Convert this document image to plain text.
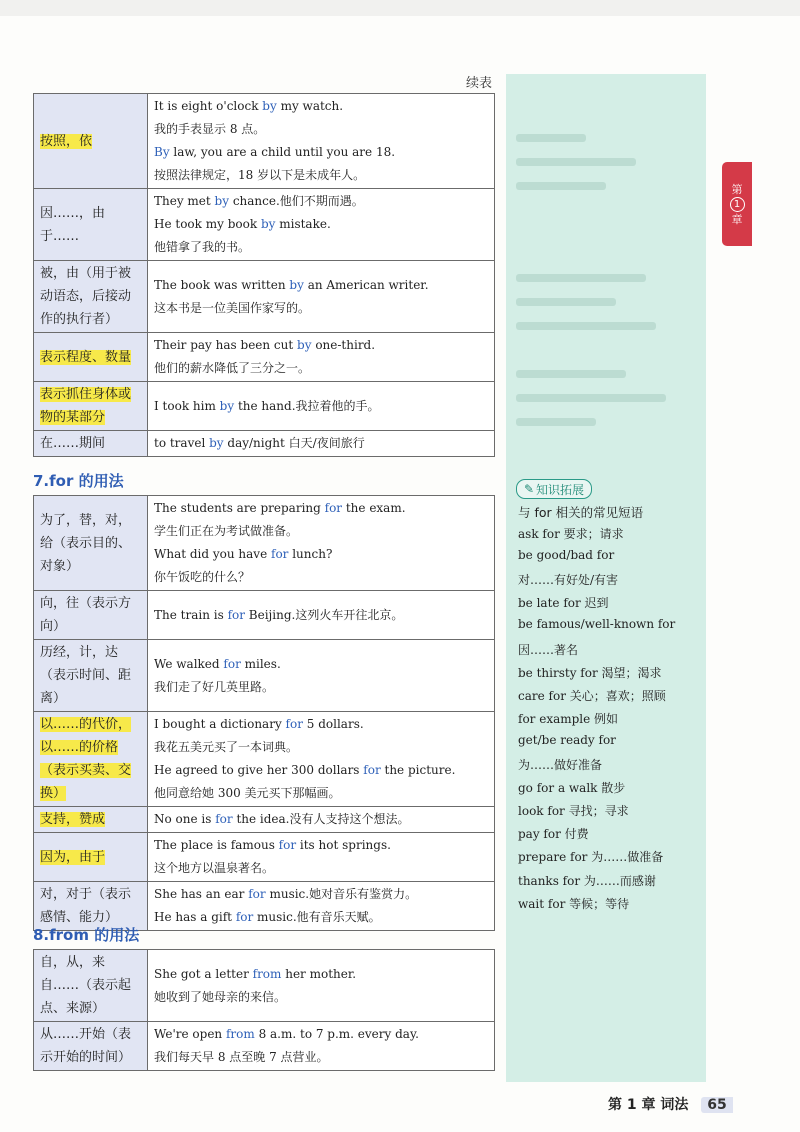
第
1
章
续表
按照，依	It is eight o'clock by my watch.
我的手表显示 8 点。
By law, you are a child until you are 18.
按照法律规定，18 岁以下是未成年人。

因……，由于……	They met by chance.他们不期而遇。
He took my book by mistake.
他错拿了我的书。

被，由（用于被动语态，后接动作的执行者）	The book was written by an American writer.
这本书是一位美国作家写的。

表示程度、数量	Their pay has been cut by one-third.
他们的薪水降低了三分之一。

表示抓住身体或物的某部分	I took him by the hand.我拉着他的手。

在……期间	to travel by day/night 白天/夜间旅行
7.for 的用法
为了，替，对，给（表示目的、对象）	The students are preparing for the exam.
学生们正在为考试做准备。
What did you have for lunch?
你午饭吃的什么？

向，往（表示方向）	The train is for Beijing.这列火车开往北京。

历经，计，达（表示时间、距离）	We walked for miles.
我们走了好几英里路。

以……的代价，以……的价格（表示买卖、交换）	I bought a dictionary for 5 dollars.
我花五美元买了一本词典。
He agreed to give her 300 dollars for the picture.
他同意给她 300 美元买下那幅画。

支持，赞成	No one is for the idea.没有人支持这个想法。

因为，由于	The place is famous for its hot springs.
这个地方以温泉著名。

对，对于（表示感情、能力）	She has an ear for music.她对音乐有鉴赏力。
He has a gift for music.他有音乐天赋。
8.from 的用法
自，从，来自……（表示起点、来源）	She got a letter from her mother.
她收到了她母亲的来信。

从……开始（表示开始的时间）	We're open from 8 a.m. to 7 p.m. every day.
我们每天早 8 点至晚 7 点营业。
✎ 知识拓展
与 for 相关的常见短语
ask for 要求；请求
be good/bad for
对……有好处/有害
be late for 迟到
be famous/well-known for
因……著名
be thirsty for 渴望；渴求
care for 关心；喜欢；照顾
for example 例如
get/be ready for
为……做好准备
go for a walk 散步
look for 寻找；寻求
pay for 付费
prepare for 为……做准备
thanks for 为……而感谢
wait for 等候；等待
第 1 章 词法 65
